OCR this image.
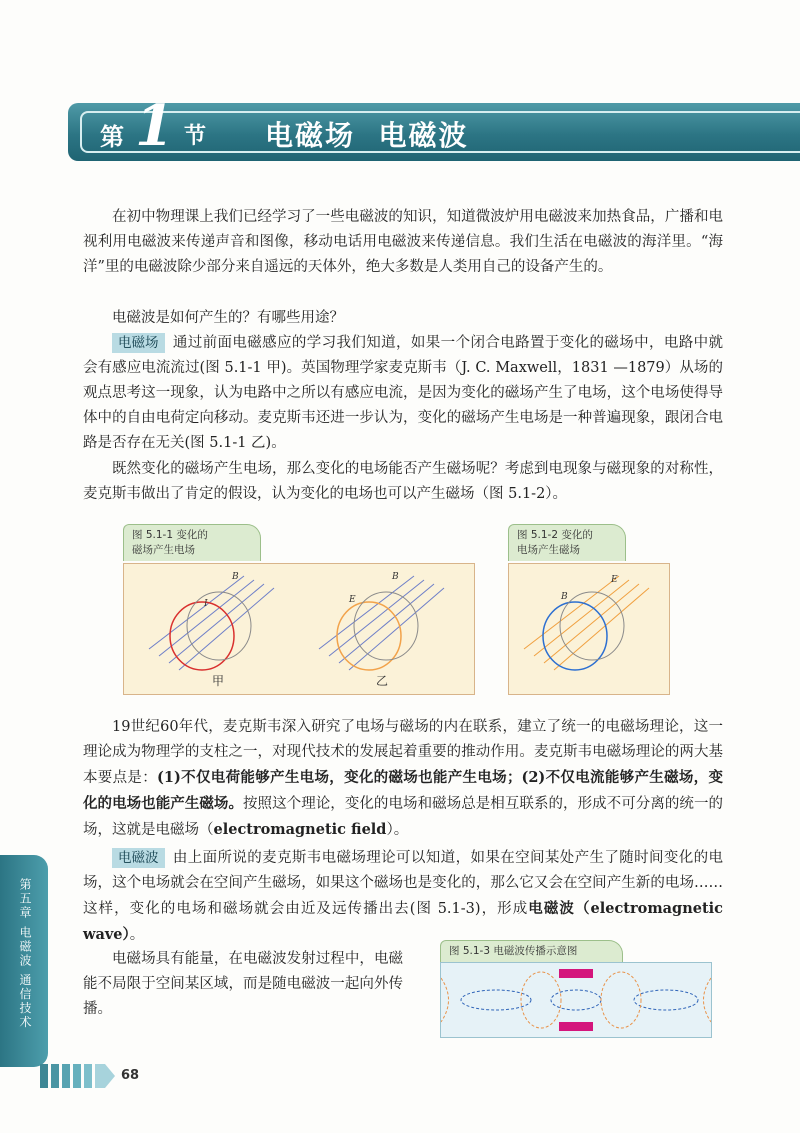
第 1 节 电磁场  电磁波

在初中物理课上我们已经学习了一些电磁波的知识，知道微波炉用电磁波来加热食品，广播和电视利用电磁波来传递声音和图像，移动电话用电磁波来传递信息。我们生活在电磁波的海洋里。“海洋”里的电磁波除少部分来自遥远的天体外，绝大多数是人类用自己的设备产生的。

电磁波是如何产生的？有哪些用途？

电磁场 通过前面电磁感应的学习我们知道，如果一个闭合电路置于变化的磁场中，电路中就会有感应电流流过(图 5.1-1 甲)。英国物理学家麦克斯韦（J. C. Maxwell，1831 —1879）从场的观点思考这一现象，认为电路中之所以有感应电流，是因为变化的磁场产生了电场，这个电场使得导体中的自由电荷定向移动。麦克斯韦还进一步认为，变化的磁场产生电场是一种普遍现象，跟闭合电路是否存在无关(图 5.1-1 乙)。

既然变化的磁场产生电场，那么变化的电场能否产生磁场呢？考虑到电现象与磁现象的对称性，麦克斯韦做出了肯定的假设，认为变化的电场也可以产生磁场（图 5.1-2）。

图 5.1-1 变化的
磁场产生电场
I
B
E
B
甲	乙
图 5.1-2 变化的
电场产生磁场
B
E

19世纪60年代，麦克斯韦深入研究了电场与磁场的内在联系，建立了统一的电磁场理论，这一理论成为物理学的支柱之一，对现代技术的发展起着重要的推动作用。麦克斯韦电磁场理论的两大基本要点是：(1)不仅电荷能够产生电场，变化的磁场也能产生电场；(2)不仅电流能够产生磁场，变化的电场也能产生磁场。按照这个理论，变化的电场和磁场总是相互联系的，形成不可分离的统一的场，这就是电磁场（electromagnetic field）。

电磁波 由上面所说的麦克斯韦电磁场理论可以知道，如果在空间某处产生了随时间变化的电场，这个电场就会在空间产生磁场，如果这个磁场也是变化的，那么它又会在空间产生新的电场……这样，变化的电场和磁场就会由近及远传播出去(图 5.1-3)，形成电磁波（electromagnetic wave）。

电磁场具有能量，在电磁波发射过程中，电磁能不局限于空间某区域，而是随电磁波一起向外传播。

图 5.1-3 电磁波传播示意图
第五章 电磁波 通信技术
68
